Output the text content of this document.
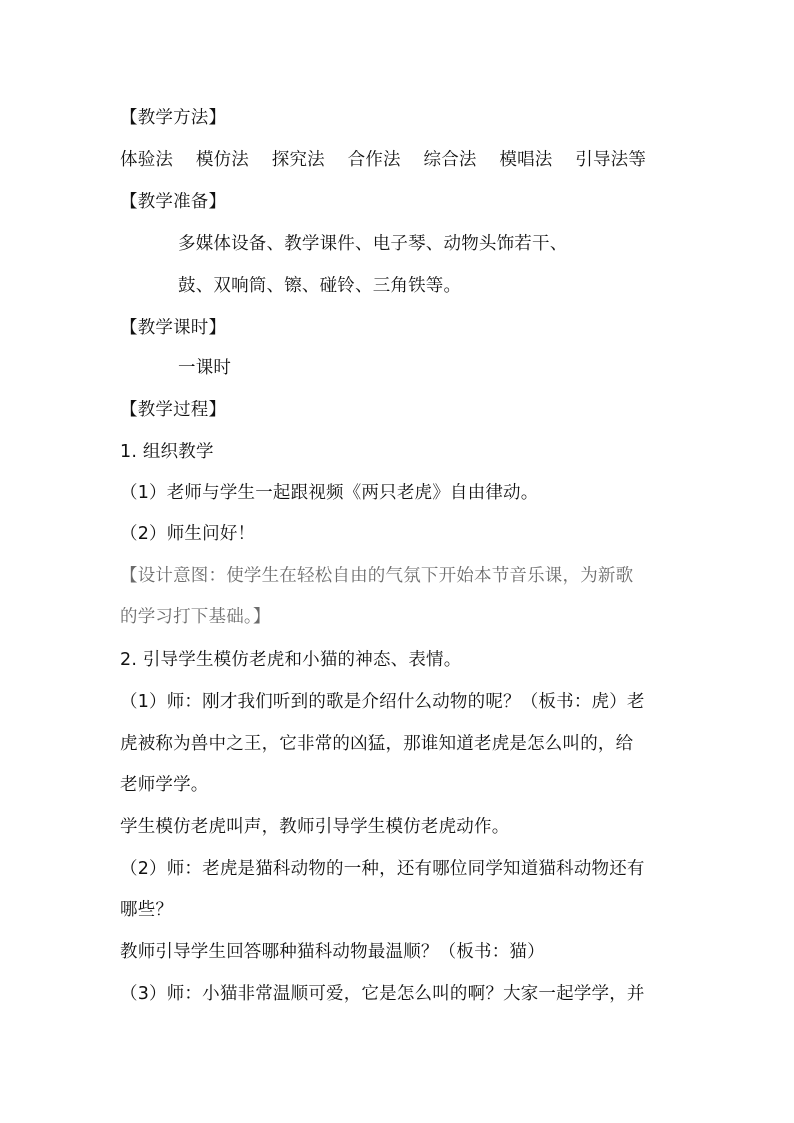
【教学方法】
体验法 模仿法 探究法 合作法 综合法 模唱法 引导法等
【教学准备】
多媒体设备、教学课件、电子琴、动物头饰若干、
鼓、双响筒、镲、碰铃、三角铁等。
【教学课时】
一课时
【教学过程】
1. 组织教学
（1）老师与学生一起跟视频《两只老虎》自由律动。
（2）师生问好！
【设计意图：使学生在轻松自由的气氛下开始本节音乐课，为新歌
的学习打下基础。】
2. 引导学生模仿老虎和小猫的神态、表情。
（1）师：刚才我们听到的歌是介绍什么动物的呢？（板书：虎）老
虎被称为兽中之王，它非常的凶猛，那谁知道老虎是怎么叫的，给
老师学学。
学生模仿老虎叫声，教师引导学生模仿老虎动作。
（2）师：老虎是猫科动物的一种，还有哪位同学知道猫科动物还有
哪些？
教师引导学生回答哪种猫科动物最温顺？（板书：猫）
（3）师：小猫非常温顺可爱，它是怎么叫的啊？大家一起学学，并
